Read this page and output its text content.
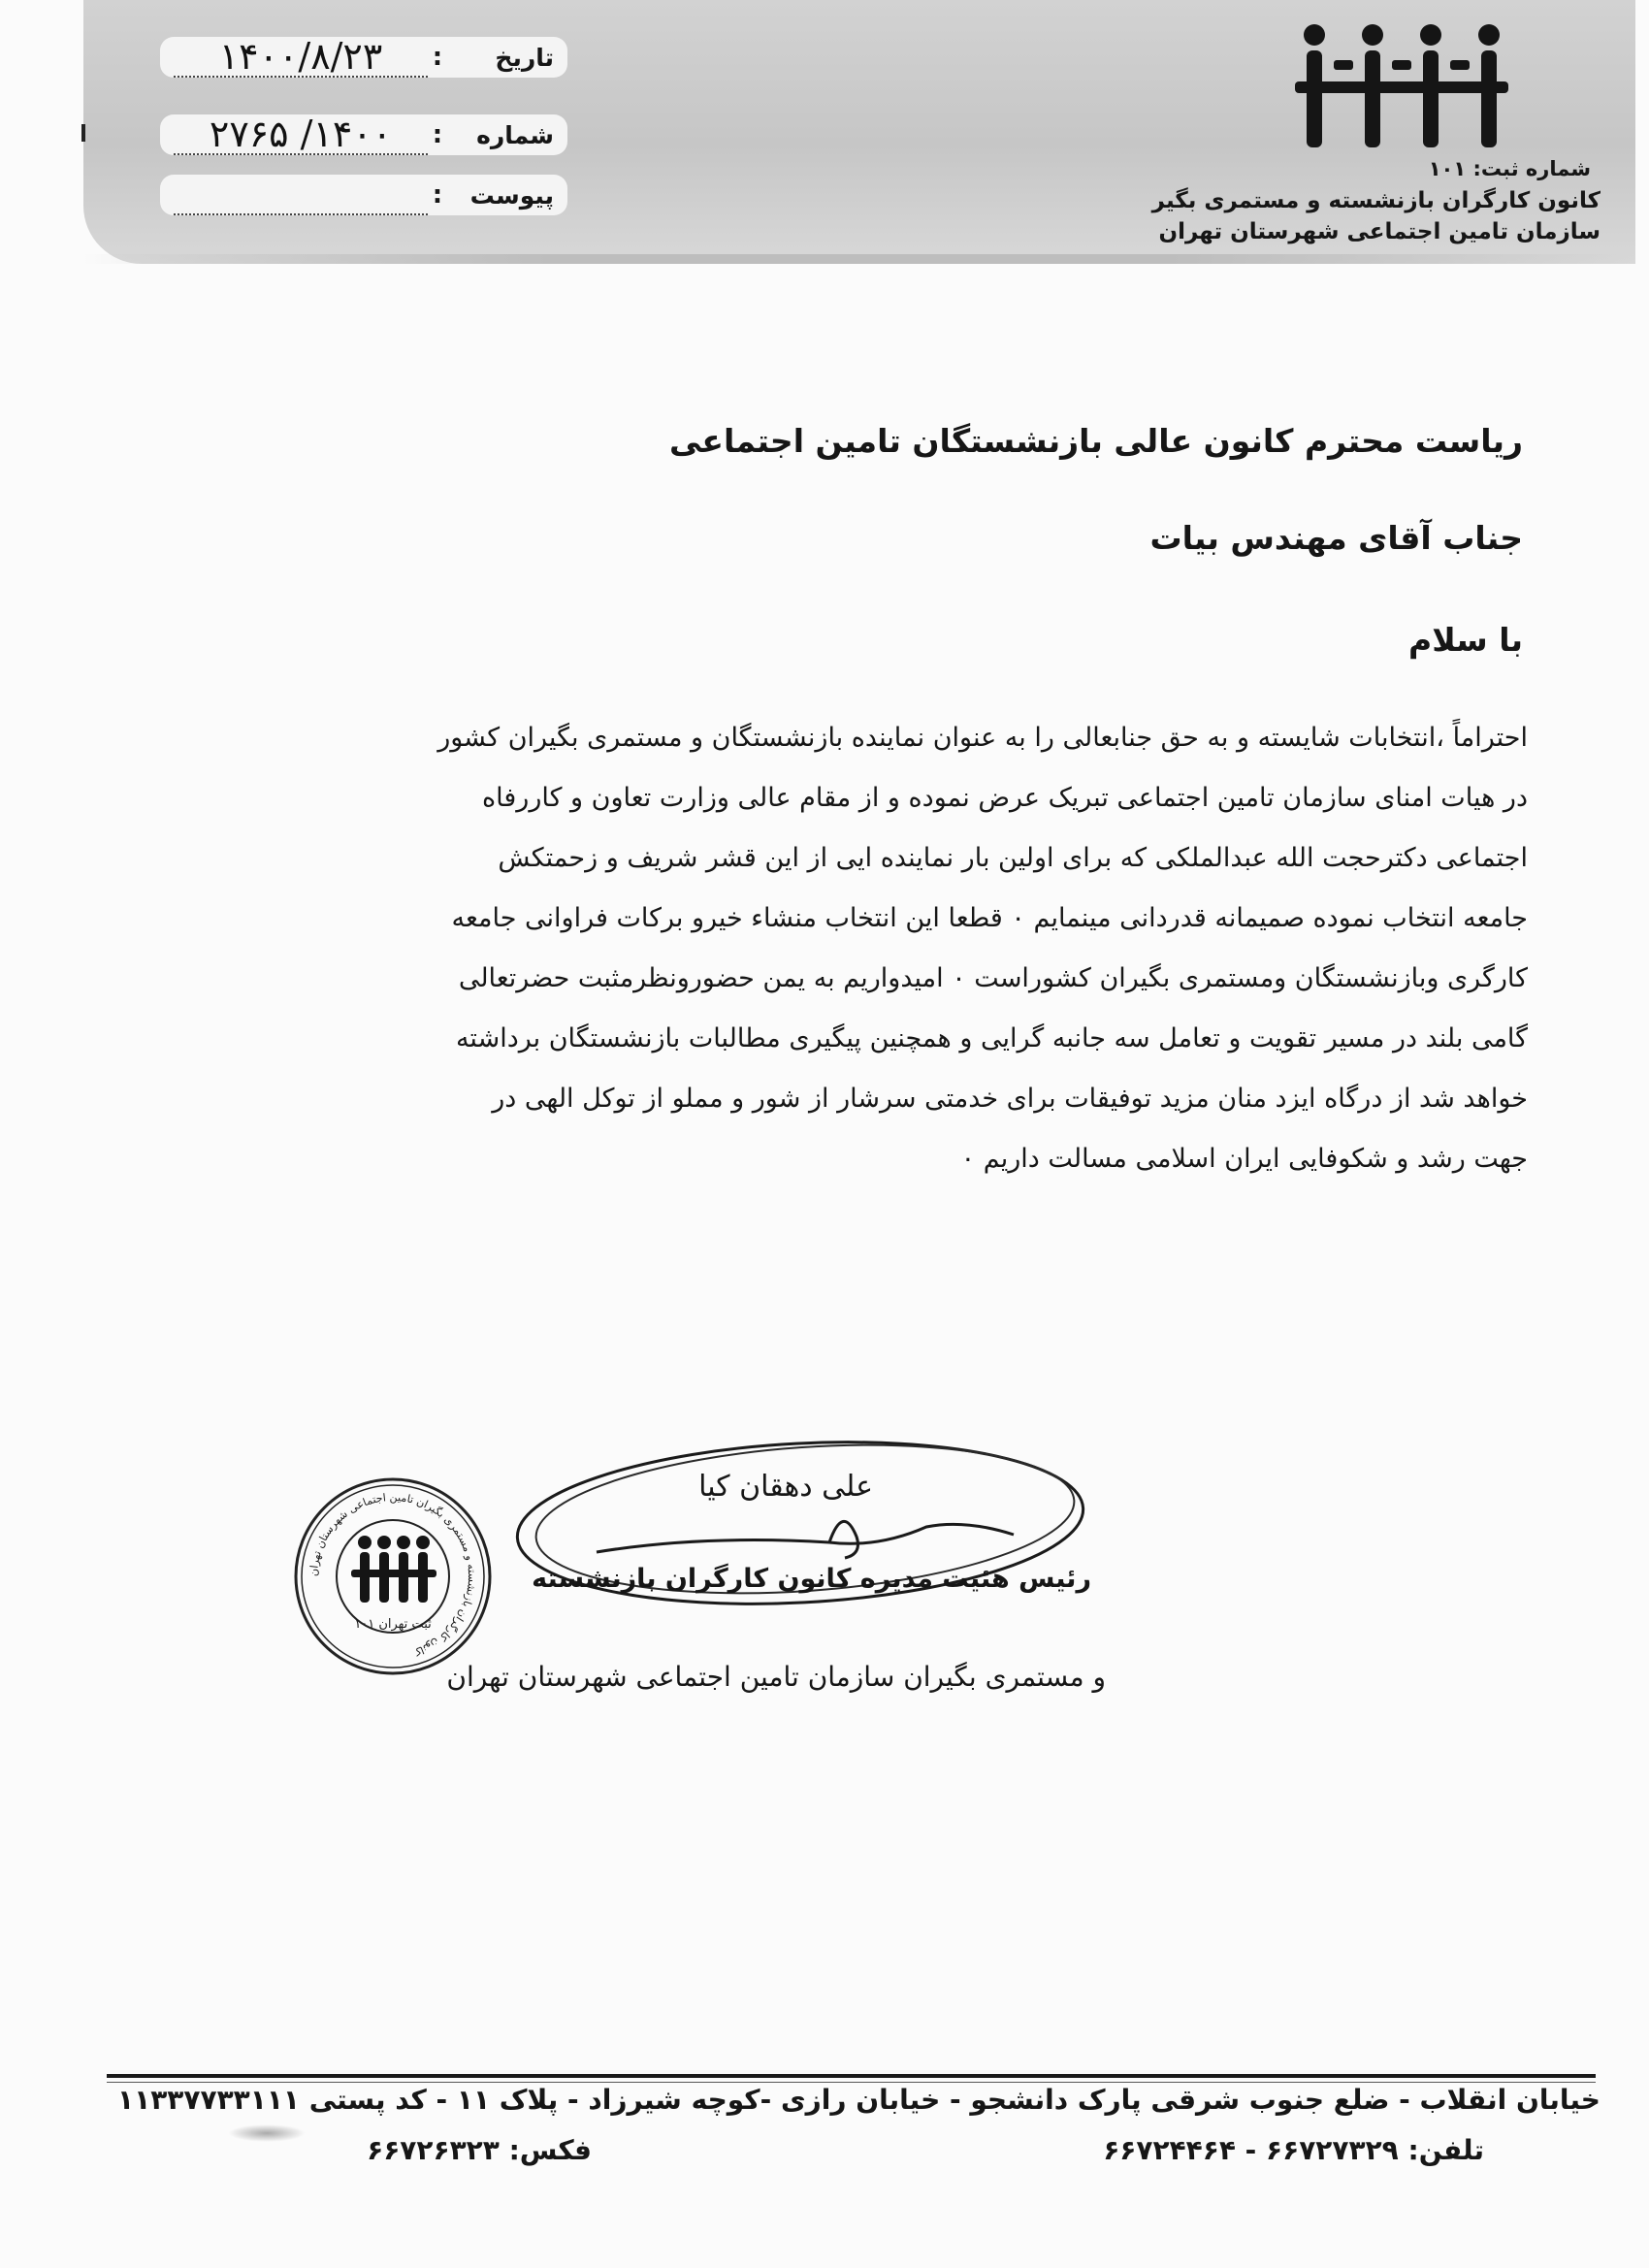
تاریخ
:
۱۴۰۰/۸/۲۳
شماره
:
۱۴۰۰/ ۲۷۶۵
پیوست
:
شماره ثبت: ۱۰۱
کانون کارگران بازنشسته و مستمری بگیر
سازمان تامین اجتماعی شهرستان تهران
ریاست محترم کانون عالی بازنشستگان تامین اجتماعی
جناب آقای مهندس بیات
با سلام
احتراماً ،انتخابات شایسته و به حق جنابعالی را به عنوان نماینده بازنشستگان و مستمری بگیران کشور
در هیات امنای سازمان تامین اجتماعی تبریک عرض نموده و از مقام عالی وزارت تعاون و کاررفاه
اجتماعی دکترحجت الله عبدالملکی که برای اولین بار نماینده ایی از این قشر شریف و زحمتکش
جامعه انتخاب نموده صمیمانه قدردانی مینمایم ۰ قطعا این انتخاب منشاء خیرو برکات فراوانی جامعه
کارگری وبازنشستگان ومستمری بگیران کشوراست ۰ امیدواریم به یمن حضورونظرمثبت حضرتعالی
گامی بلند در مسیر تقویت و تعامل سه جانبه گرایی و همچنین پیگیری مطالبات بازنشستگان برداشته
خواهد شد از درگاه ایزد منان مزید توفیقات برای خدمتی سرشار از شور و مملو از توکل الهی در
جهت رشد و شکوفایی ایران اسلامی مسالت داریم ۰
علی دهقان کیا
کانون کارگران بازنشسته و مستمری بگیران تامین اجتماعی شهرستان تهران
ثبت تهران ۱۰۱
رئیس هئیت مدیره کانون کارگران بازنشسته
و مستمری بگیران سازمان تامین اجتماعی شهرستان تهران
خیابان انقلاب - ضلع جنوب شرقی پارک دانشجو - خیابان رازی -کوچه شیرزاد - پلاک ۱۱ - کد پستی ۱۱۳۳۷۷۳۳۱۱۱
تلفن: ۶۶۷۲۷۳۲۹ - ۶۶۷۲۴۴۶۴
فکس: ۶۶۷۲۶۳۲۳
